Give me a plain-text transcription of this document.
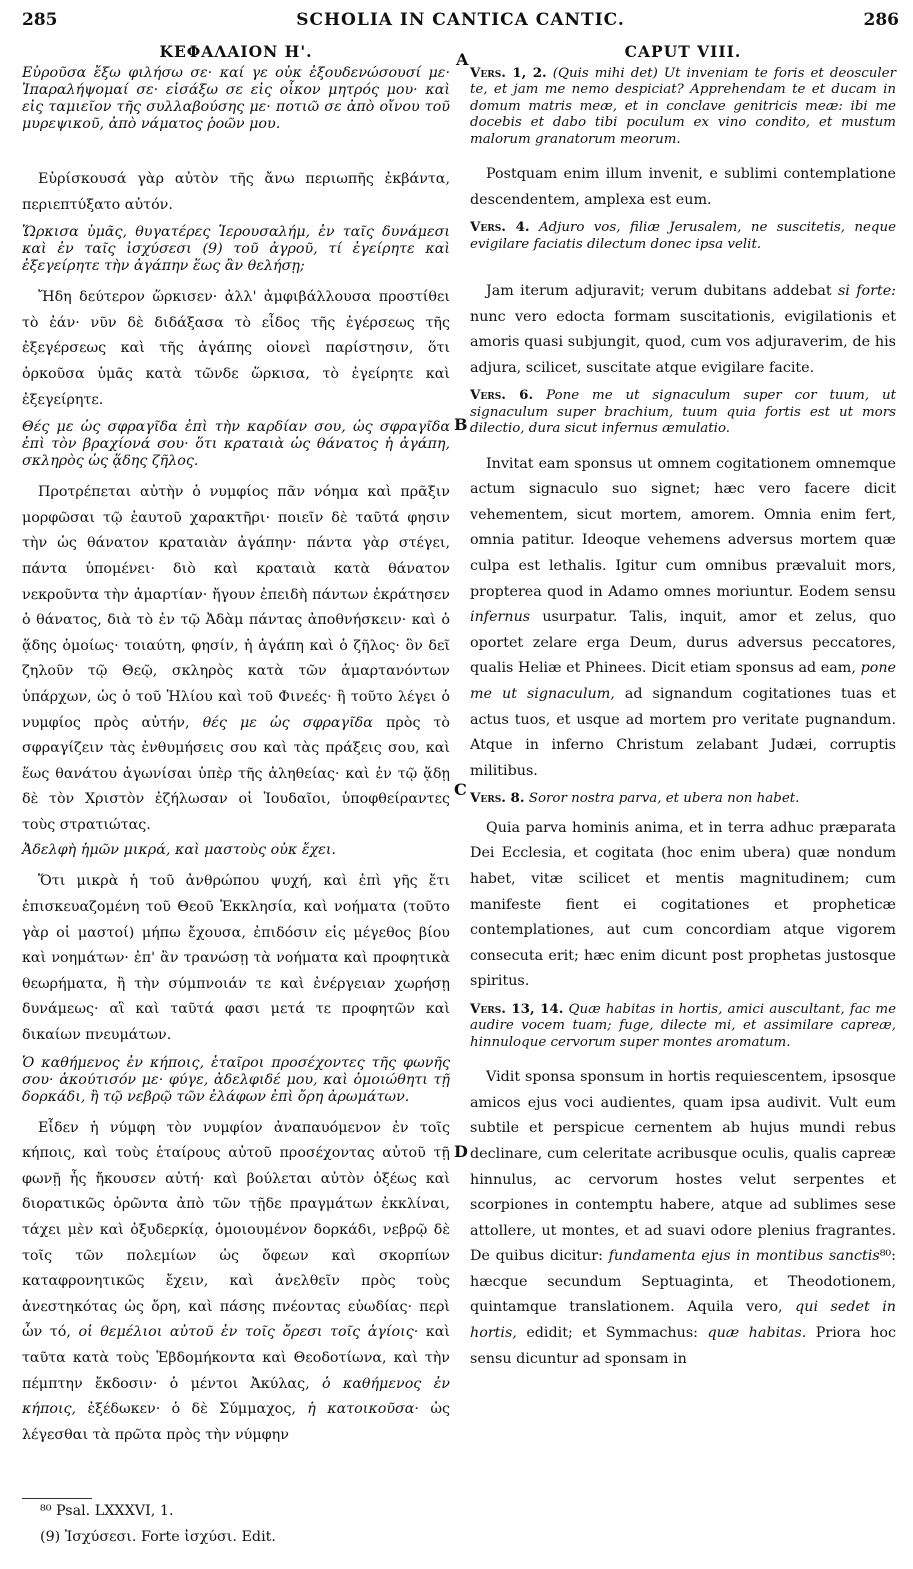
285	SCHOLIA IN CANTICA CANTIC.	286
A
B
C
D
ΚΕΦΑΛΑΙΟΝ Η'.

Εὑροῦσα ἔξω φιλήσω σε· καί γε οὐκ ἐξουδενώσουσί με· Ἰπαραλήψομαί σε· εἰσάξω σε εἰς οἶκον μητρός μου· καὶ εἰς ταμιεῖον τῆς συλλαβούσης με· ποτιῶ σε ἀπὸ οἴνου τοῦ μυρεψικοῦ, ἀπὸ νάματος ῥοῶν μου.

Εὑρίσκουσά γὰρ αὐτὸν τῆς ἄνω περιωπῆς ἐκβάντα, περιεπτύξατο αὐτόν.

Ὥρκισα ὑμᾶς, θυγατέρες Ἱερουσαλήμ, ἐν ταῖς δυνάμεσι καὶ ἐν ταῖς ἰσχύσεσι (9) τοῦ ἀγροῦ, τί ἐγείρητε καὶ ἐξεγείρητε τὴν ἀγάπην ἕως ἂν θελήσῃ;

Ἤδη δεύτερον ὥρκισεν· ἀλλ' ἀμφιβάλλουσα προστίθει τὸ ἐάν· νῦν δὲ διδάξασα τὸ εἶδος τῆς ἐγέρσεως τῆς ἐξεγέρσεως καὶ τῆς ἀγάπης οἱονεὶ παρίστησιν, ὅτι ὁρκοῦσα ὑμᾶς κατὰ τῶνδε ὥρκισα, τὸ ἐγείρητε καὶ ἐξεγείρητε.

Θές με ὡς σφραγῖδα ἐπὶ τὴν καρδίαν σου, ὡς σφραγῖδα ἐπὶ τὸν βραχίονά σου· ὅτι κραταιὰ ὡς θάνατος ἡ ἀγάπη, σκληρὸς ὡς ᾅδης ζῆλος.

Προτρέπεται αὐτὴν ὁ νυμφίος πᾶν νόημα καὶ πρᾶξιν μορφῶσαι τῷ ἑαυτοῦ χαρακτῆρι· ποιεῖν δὲ ταῦτά φησιν τὴν ὡς θάνατον κραταιὰν ἀγάπην· πάντα γὰρ στέγει, πάντα ὑπομένει· διὸ καὶ κραταιὰ κατὰ θάνατον νεκροῦντα τὴν ἁμαρτίαν· ἤγουν ἐπειδὴ πάντων ἐκράτησεν ὁ θάνατος, διὰ τὸ ἐν τῷ Ἀδὰμ πάντας ἀποθνήσκειν· καὶ ὁ ᾅδης ὁμοίως· τοιαύτη, φησίν, ἡ ἀγάπη καὶ ὁ ζῆλος· ὃν δεῖ ζηλοῦν τῷ Θεῷ, σκληρὸς κατὰ τῶν ἁμαρτανόντων ὑπάρχων, ὡς ὁ τοῦ Ἡλίου καὶ τοῦ Φινεές· ἢ τοῦτο λέγει ὁ νυμφίος πρὸς αὐτήν, θές με ὡς σφραγῖδα πρὸς τὸ σφραγίζειν τὰς ἐνθυμήσεις σου καὶ τὰς πράξεις σου, καὶ ἕως θανάτου ἀγωνίσαι ὑπὲρ τῆς ἀληθείας· καὶ ἐν τῷ ᾅδῃ δὲ τὸν Χριστὸν ἐζήλωσαν οἱ Ἰουδαῖοι, ὑποφθείραντες τοὺς στρατιώτας.

Ἀδελφὴ ἡμῶν μικρά, καὶ μαστοὺς οὐκ ἔχει.

Ὅτι μικρὰ ἡ τοῦ ἀνθρώπου ψυχή, καὶ ἐπὶ γῆς ἔτι ἐπισκευαζομένη τοῦ Θεοῦ Ἐκκλησία, καὶ νοήματα (τοῦτο γὰρ οἱ μαστοί) μήπω ἔχουσα, ἐπιδόσιν εἰς μέγεθος βίου καὶ νοημάτων· ἐπ' ἂν τρανώσῃ τὰ νοήματα καὶ προφητικὰ θεωρήματα, ἢ τὴν σύμπνοιάν τε καὶ ἐνέργειαν χωρήσῃ δυνάμεως· αἳ καὶ ταῦτά φασι μετά τε προφητῶν καὶ δικαίων πνευμάτων.

Ὁ καθήμενος ἐν κήποις, ἑταῖροι προσέχοντες τῆς φωνῆς σου· ἀκούτισόν με· φύγε, ἀδελφιδέ μου, καὶ ὁμοιώθητι τῇ δορκάδι, ἢ τῷ νεβρῷ τῶν ἐλάφων ἐπὶ ὄρη ἀρωμάτων.

Εἶδεν ἡ νύμφη τὸν νυμφίον ἀναπαυόμενον ἐν τοῖς κήποις, καὶ τοὺς ἑταίρους αὐτοῦ προσέχοντας αὐτοῦ τῇ φωνῇ ἧς ἤκουσεν αὐτή· καὶ βούλεται αὐτὸν ὀξέως καὶ διορατικῶς ὁρῶντα ἀπὸ τῶν τῇδε πραγμάτων ἐκκλίναι, τάχει μὲν καὶ ὀξυδερκίᾳ, ὁμοιουμένον δορκάδι, νεβρῷ δὲ τοῖς τῶν πολεμίων ὡς ὄφεων καὶ σκορπίων καταφρονητικῶς ἔχειν, καὶ ἀνελθεῖν πρὸς τοὺς ἀνεστηκότας ὡς ὄρη, καὶ πάσης πνέοντας εὐωδίας· περὶ ὧν τό, οἱ θεμέλιοι αὐτοῦ ἐν τοῖς ὄρεσι τοῖς ἁγίοις· καὶ ταῦτα κατὰ τοὺς Ἑβδομήκοντα καὶ Θεοδοτίωνα, καὶ τὴν πέμπτην ἔκδοσιν· ὁ μέντοι Ἀκύλας, ὁ καθήμενος ἐν κήποις, ἐξέδωκεν· ὁ δὲ Σύμμαχος, ἡ κατοικοῦσα· ὡς λέγεσθαι τὰ πρῶτα πρὸς τὴν νύμφην

⁸⁰ Psal. LXXXVI, 1.
(9) Ἰσχύσεσι. Forte ἰσχύσι. Edit.
CAPUT VIII.

Vers. 1, 2. (Quis mihi det) Ut inveniam te foris et deosculer te, et jam me nemo despiciat? Apprehendam te et ducam in domum matris meæ, et in conclave genitricis meæ: ibi me docebis et dabo tibi poculum ex vino condito, et mustum malorum granatorum meorum.

Postquam enim illum invenit, e sublimi contemplatione descendentem, amplexa est eum.

Vers. 4. Adjuro vos, filiæ Jerusalem, ne suscitetis, neque evigilare faciatis dilectum donec ipsa velit.

Jam iterum adjuravit; verum dubitans addebat si forte: nunc vero edocta formam suscitationis, evigilationis et amoris quasi subjungit, quod, cum vos adjuraverim, de his adjura, scilicet, suscitate atque evigilare facite.

Vers. 6. Pone me ut signaculum super cor tuum, ut signaculum super brachium, tuum quia fortis est ut mors dilectio, dura sicut infernus æmulatio.

Invitat eam sponsus ut omnem cogitationem omnemque actum signaculo suo signet; hæc vero facere dicit vehementem, sicut mortem, amorem. Omnia enim fert, omnia patitur. Ideoque vehemens adversus mortem quæ culpa est lethalis. Igitur cum omnibus prævaluit mors, propterea quod in Adamo omnes moriuntur. Eodem sensu infernus usurpatur. Talis, inquit, amor et zelus, quo oportet zelare erga Deum, durus adversus peccatores, qualis Heliæ et Phinees. Dicit etiam sponsus ad eam, pone me ut signaculum, ad signandum cogitationes tuas et actus tuos, et usque ad mortem pro veritate pugnandum. Atque in inferno Christum zelabant Judæi, corruptis militibus.

Vers. 8. Soror nostra parva, et ubera non habet.

Quia parva hominis anima, et in terra adhuc præparata Dei Ecclesia, et cogitata (hoc enim ubera) quæ nondum habet, vitæ scilicet et mentis magnitudinem; cum manifeste fient ei cogitationes et propheticæ contemplationes, aut cum concordiam atque vigorem consecuta erit; hæc enim dicunt post prophetas justosque spiritus.

Vers. 13, 14. Quæ habitas in hortis, amici auscultant, fac me audire vocem tuam; fuge, dilecte mi, et assimilare capreæ, hinnuloque cervorum super montes aromatum.

Vidit sponsa sponsum in hortis requiescentem, ipsosque amicos ejus voci audientes, quam ipsa audivit. Vult eum subtile et perspicue cernentem ab hujus mundi rebus declinare, cum celeritate acribusque oculis, qualis capreæ hinnulus, ac cervorum hostes velut serpentes et scorpiones in contemptu habere, atque ad sublimes sese attollere, ut montes, et ad suavi odore plenius fragrantes. De quibus dicitur: fundamenta ejus in montibus sanctis⁸⁰: hæcque secundum Septuaginta, et Theodotionem, quintamque translationem. Aquila vero, qui sedet in hortis, edidit; et Symmachus: quæ habitas. Priora hoc sensu dicuntur ad sponsam in
